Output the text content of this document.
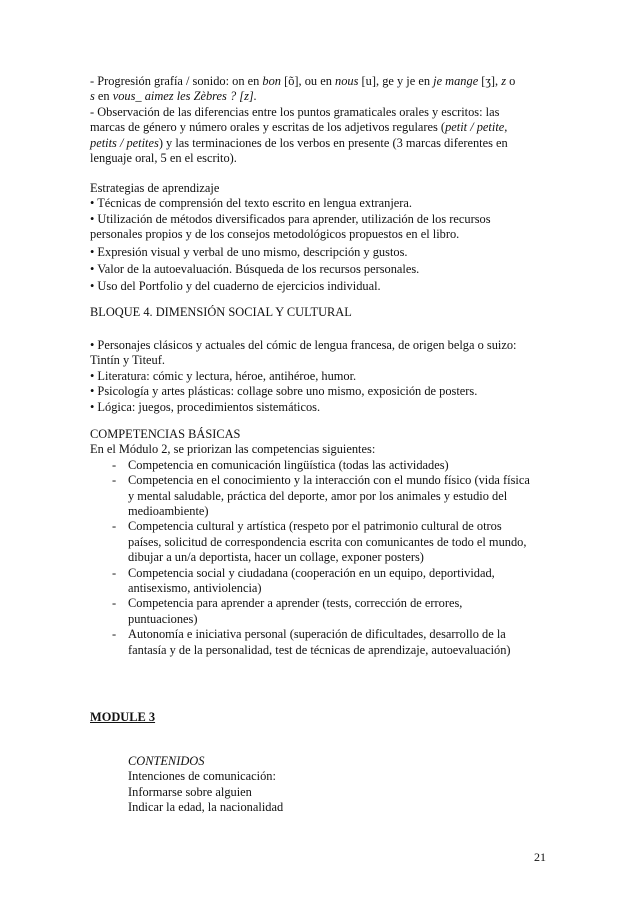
- Progresión grafía / sonido: on en bon [õ], ou en nous [u], ge y je en je mange [ʒ], z o

s en vous_ aimez les Zèbres ? [z].

- Observación de las diferencias entre los puntos gramaticales orales y escritos: las

marcas de género y número orales y escritas de los adjetivos regulares (petit / petite,

petits / petites) y las terminaciones de los verbos en presente (3 marcas diferentes en

lenguaje oral, 5 en el escrito).

Estrategias de aprendizaje

• Técnicas de comprensión del texto escrito en lengua extranjera.

• Utilización de métodos diversificados para aprender, utilización de los recursos

personales propios y de los consejos metodológicos propuestos en el libro.

• Expresión visual y verbal de uno mismo, descripción y gustos.

• Valor de la autoevaluación. Búsqueda de los recursos personales.

• Uso del Portfolio y del cuaderno de ejercicios individual.

BLOQUE 4. DIMENSIÓN SOCIAL Y CULTURAL

• Personajes clásicos y actuales del cómic de lengua francesa, de origen belga o suizo:

Tintín y Titeuf.

• Literatura: cómic y lectura, héroe, antihéroe, humor.

• Psicología y artes plásticas: collage sobre uno mismo, exposición de posters.

• Lógica: juegos, procedimientos sistemáticos.

COMPETENCIAS BÁSICAS

En el Módulo 2, se priorizan las competencias siguientes:

- Competencia en comunicación lingüística (todas las actividades)

- Competencia en el conocimiento y la interacción con el mundo físico (vida física

y mental saludable, práctica del deporte, amor por los animales y estudio del

medioambiente)

- Competencia cultural y artística (respeto por el patrimonio cultural de otros

países, solicitud de correspondencia escrita con comunicantes de todo el mundo,

dibujar a un/a deportista, hacer un collage, exponer posters)

- Competencia social y ciudadana (cooperación en un equipo, deportividad,

antisexismo, antiviolencia)

- Competencia para aprender a aprender (tests, corrección de errores,

puntuaciones)

- Autonomía e iniciativa personal (superación de dificultades, desarrollo de la

fantasía y de la personalidad, test de técnicas de aprendizaje, autoevaluación)

MODULE 3

CONTENIDOS

Intenciones de comunicación:

Informarse sobre alguien

Indicar la edad, la nacionalidad

21
